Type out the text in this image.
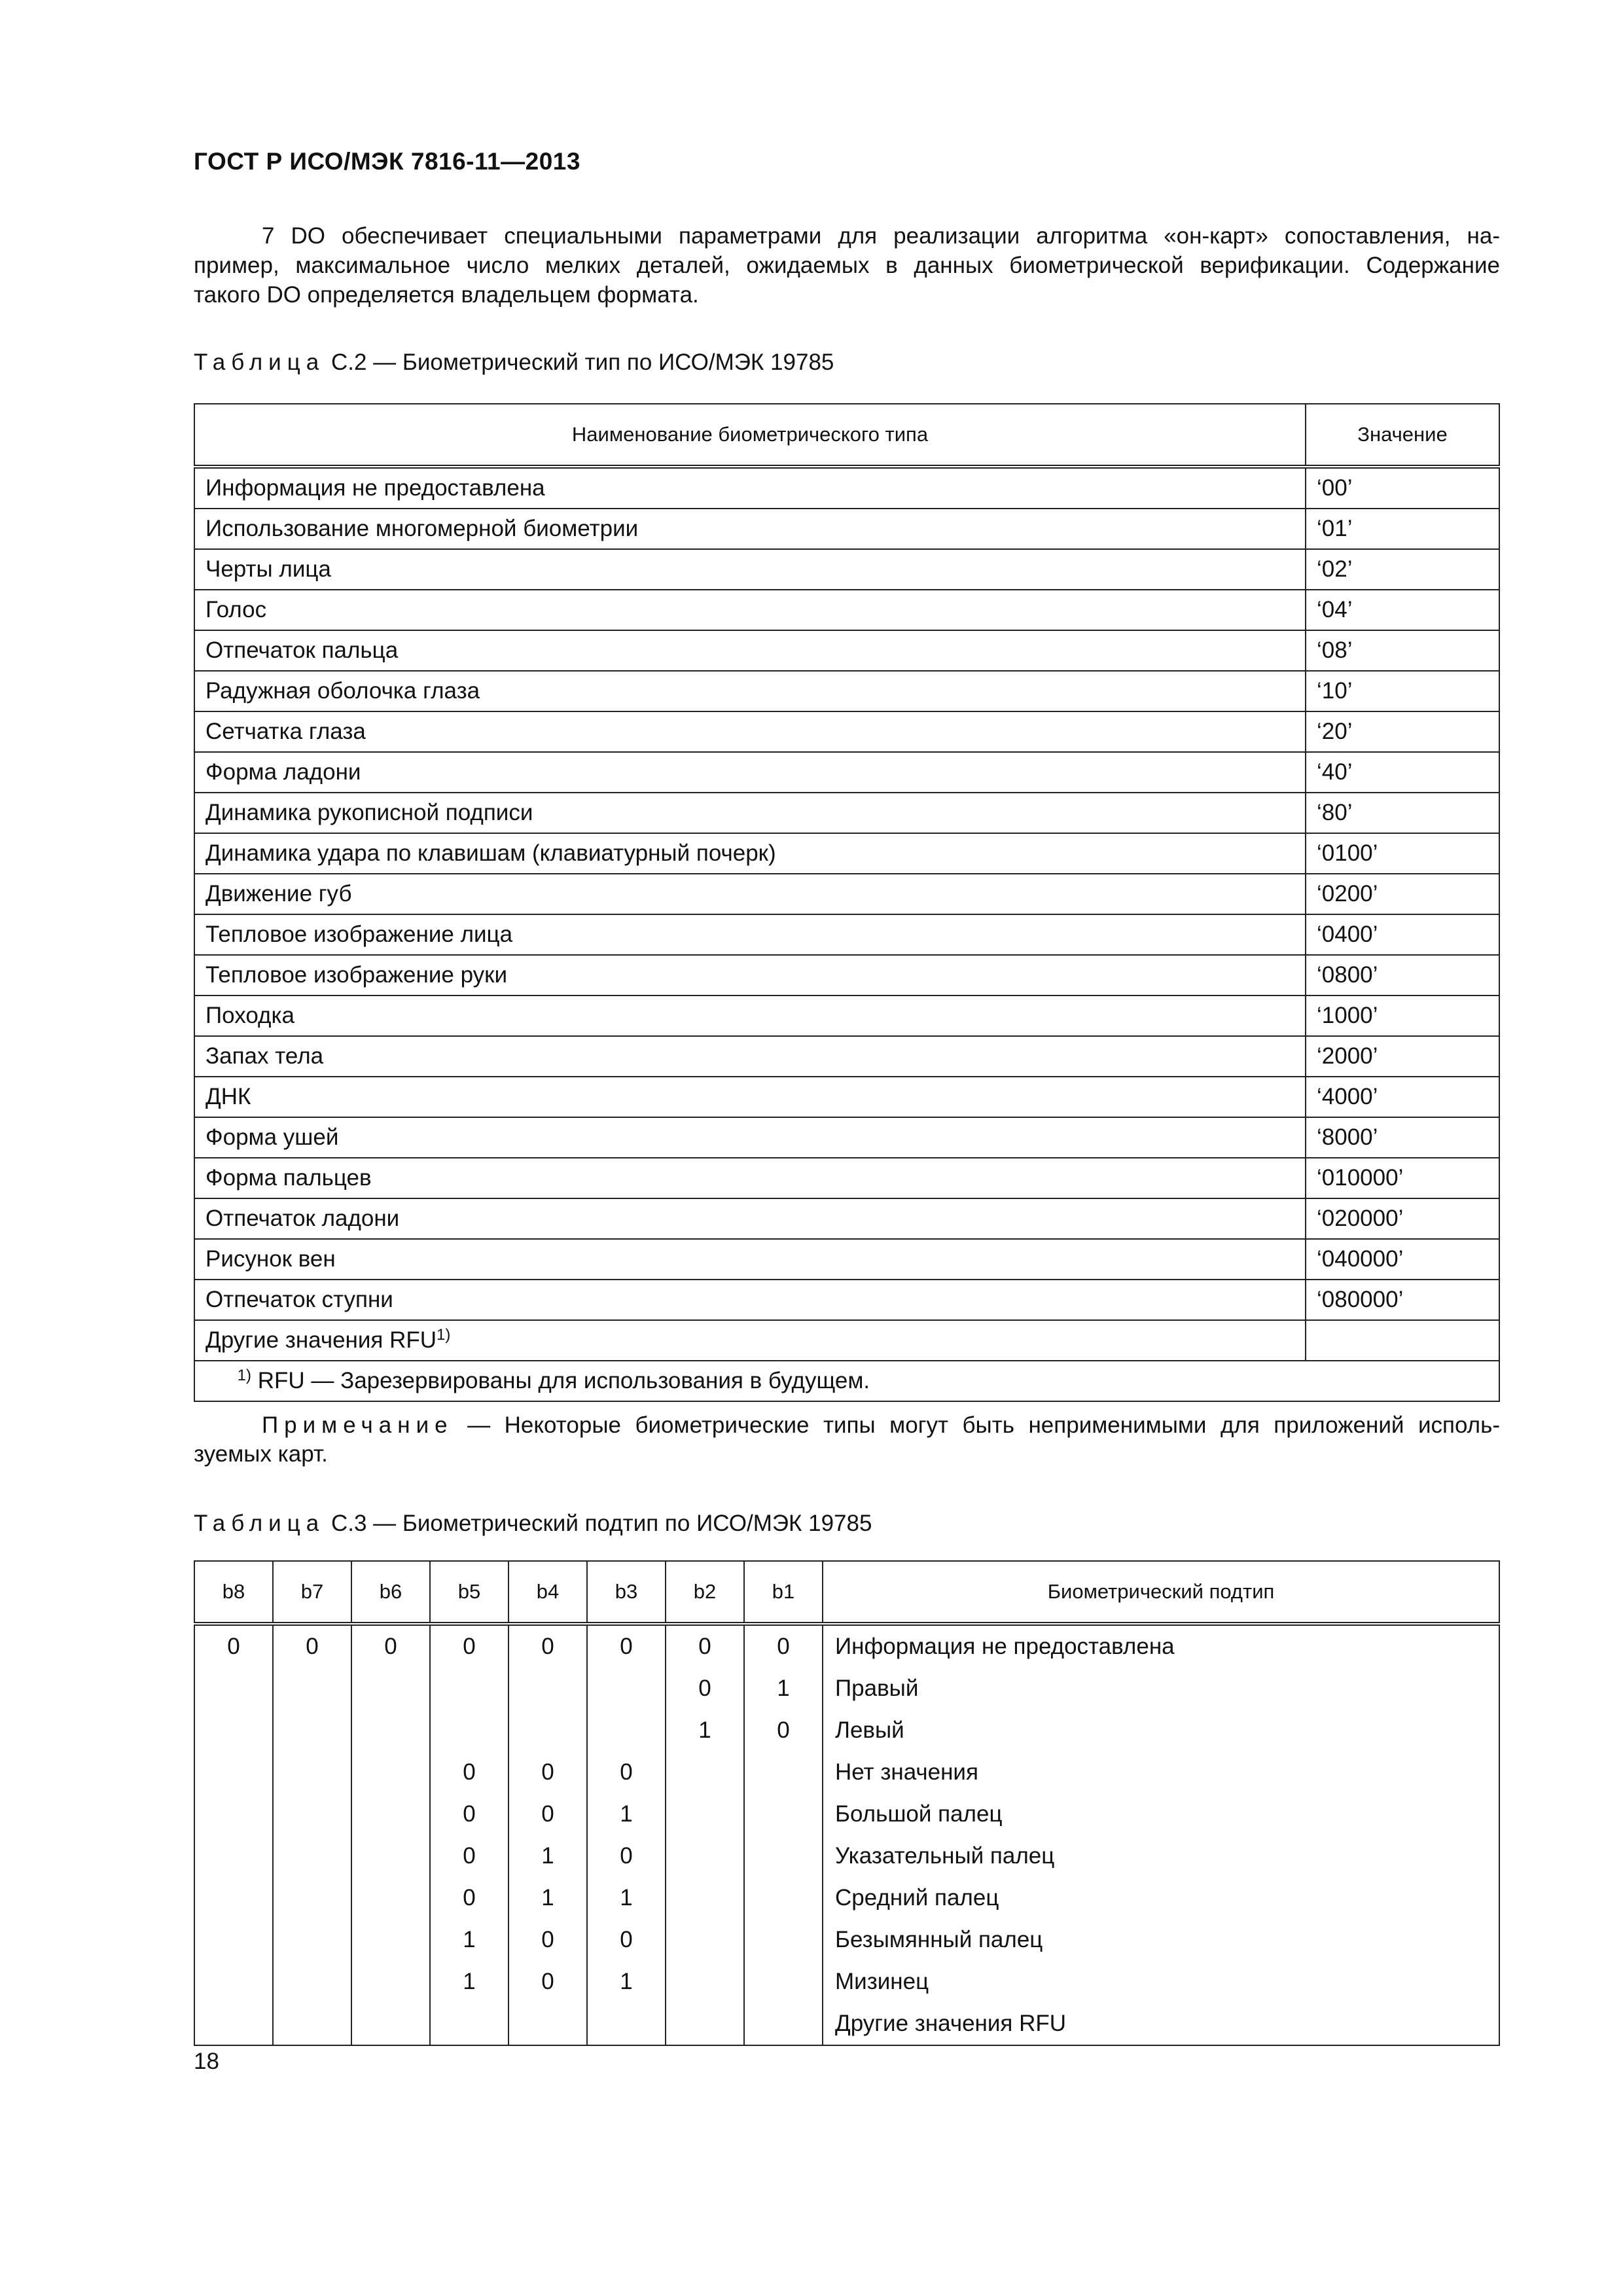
ГОСТ Р ИСО/МЭК 7816-11—2013
7 DO обеспечивает специальными параметрами для реализации алгоритма «он-карт» сопоставления, на-
пример, максимальное число мелких деталей, ожидаемых в данных биометрической верификации. Содержание
такого DO определяется владельцем формата.
Таблица С.2 — Биометрический тип по ИСО/МЭК 19785
Наименование биометрического типа	Значение
Информация не предоставлена	‘00’
Использование многомерной биометрии	‘01’
Черты лица	‘02’
Голос	‘04’
Отпечаток пальца	‘08’
Радужная оболочка глаза	‘10’
Сетчатка глаза	‘20’
Форма ладони	‘40’
Динамика рукописной подписи	‘80’
Динамика удара по клавишам (клавиатурный почерк)	‘0100’
Движение губ	‘0200’
Тепловое изображение лица	‘0400’
Тепловое изображение руки	‘0800’
Походка	‘1000’
Запах тела	‘2000’
ДНК	‘4000’
Форма ушей	‘8000’
Форма пальцев	‘010000’
Отпечаток ладони	‘020000’
Рисунок вен	‘040000’
Отпечаток ступни	‘080000’
Другие значения RFU$^{1)}$	
$^{1)}$ RFU — Зарезервированы для использования в будущем.	
Примечание — Некоторые биометрические типы могут быть неприменимыми для приложений исполь-
зуемых карт.
Таблица С.3 — Биометрический подтип по ИСО/МЭК 19785
b8	b7	b6	b5	b4	b3	b2	b1	Биометрический подтип
0	0	0	0	0	0	0	0	Информация не предоставлена
						0	1	Правый
						1	0	Левый
			0	0	0			Нет значения
			0	0	1			Большой палец
			0	1	0			Указательный палец
			0	1	1			Средний палец
			1	0	0			Безымянный палец
			1	0	1			Мизинец
								Другие значения RFU
18
